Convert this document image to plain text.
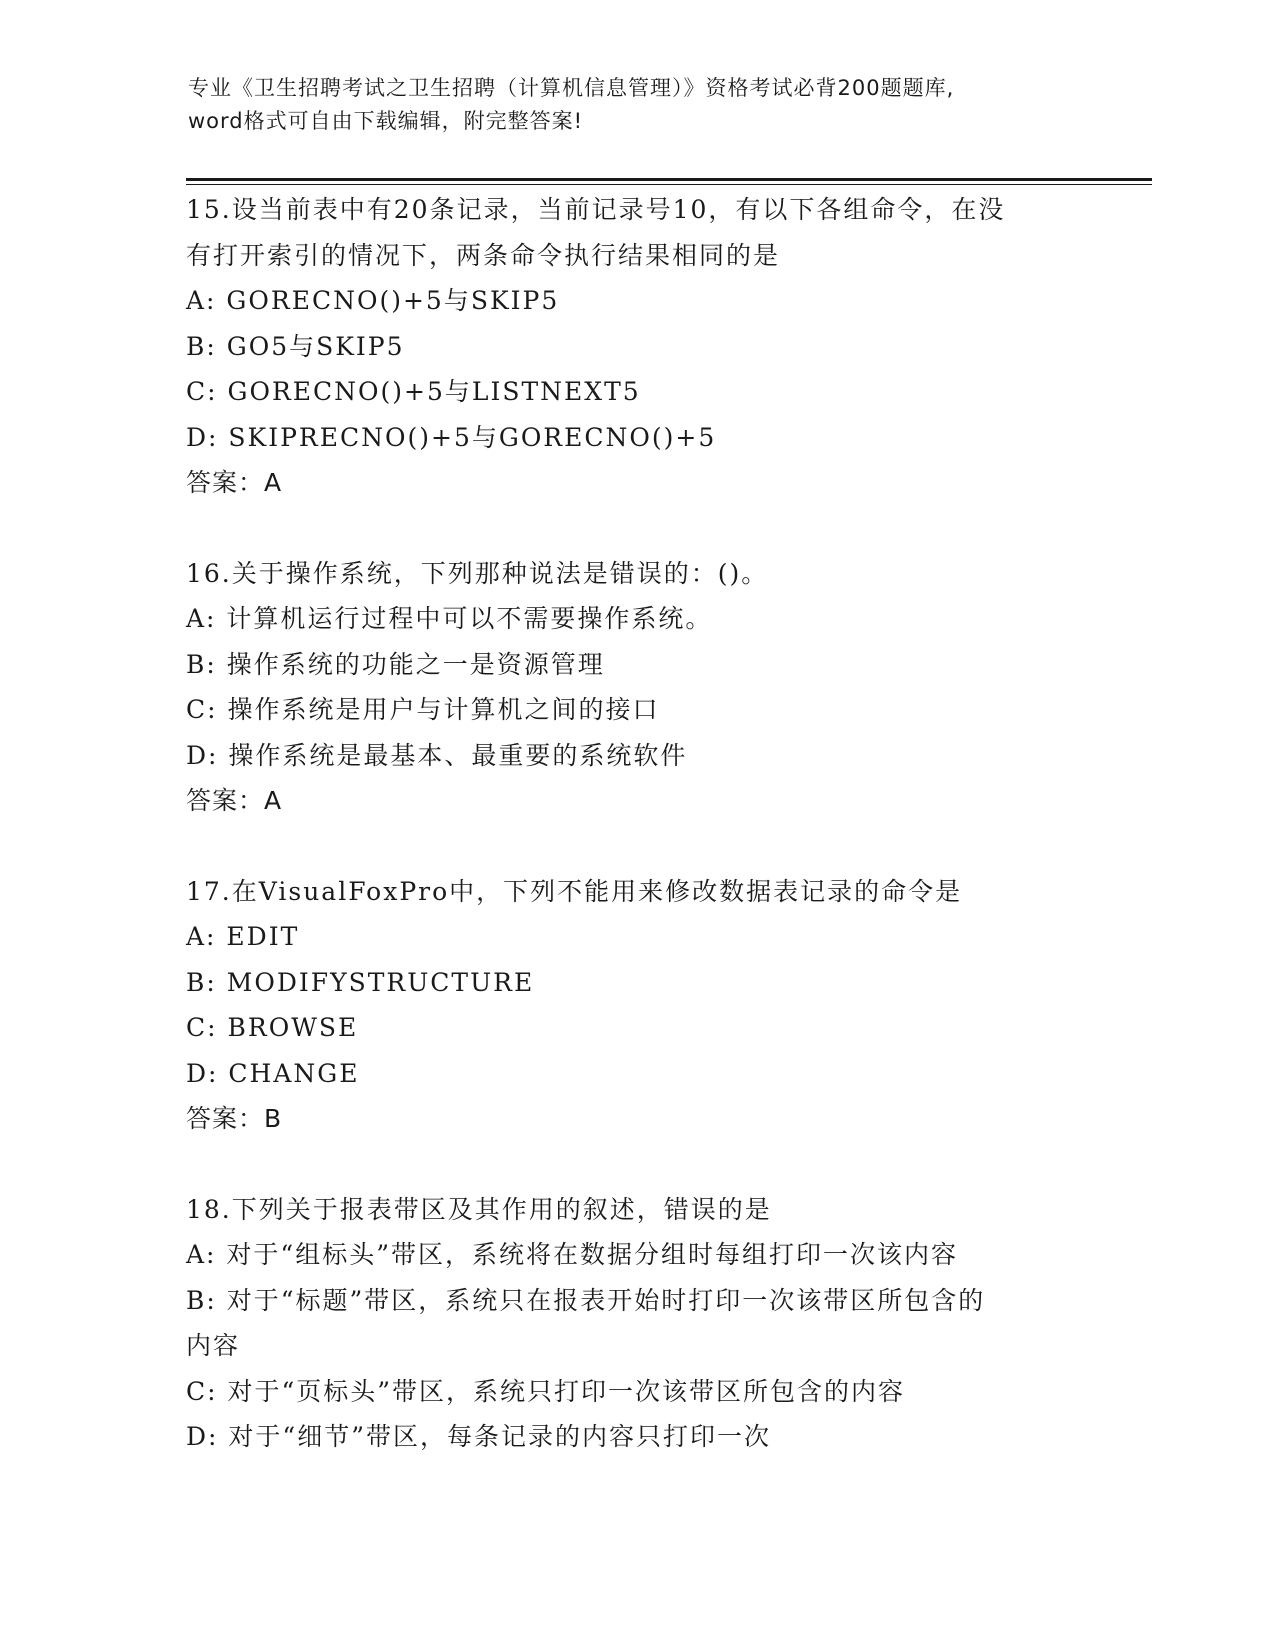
专业《卫生招聘考试之卫生招聘（计算机信息管理）》资格考试必背200题题库,
word格式可自由下载编辑，附完整答案!
15.设当前表中有20条记录，当前记录号10，有以下各组命令，在没
有打开索引的情况下，两条命令执行结果相同的是
A: GORECNO()+5与SKIP5
B: GO5与SKIP5
C: GORECNO()+5与LISTNEXT5
D: SKIPRECNO()+5与GORECNO()+5
答案：A
16.关于操作系统，下列那种说法是错误的：()。
A: 计算机运行过程中可以不需要操作系统。
B: 操作系统的功能之一是资源管理
C: 操作系统是用户与计算机之间的接口
D: 操作系统是最基本、最重要的系统软件
答案：A
17.在VisualFoxPro中，下列不能用来修改数据表记录的命令是
A: EDIT
B: MODIFYSTRUCTURE
C: BROWSE
D: CHANGE
答案：B
18.下列关于报表带区及其作用的叙述，错误的是
A: 对于“组标头”带区，系统将在数据分组时每组打印一次该内容
B: 对于“标题”带区，系统只在报表开始时打印一次该带区所包含的
内容
C: 对于“页标头”带区，系统只打印一次该带区所包含的内容
D: 对于“细节”带区，每条记录的内容只打印一次
